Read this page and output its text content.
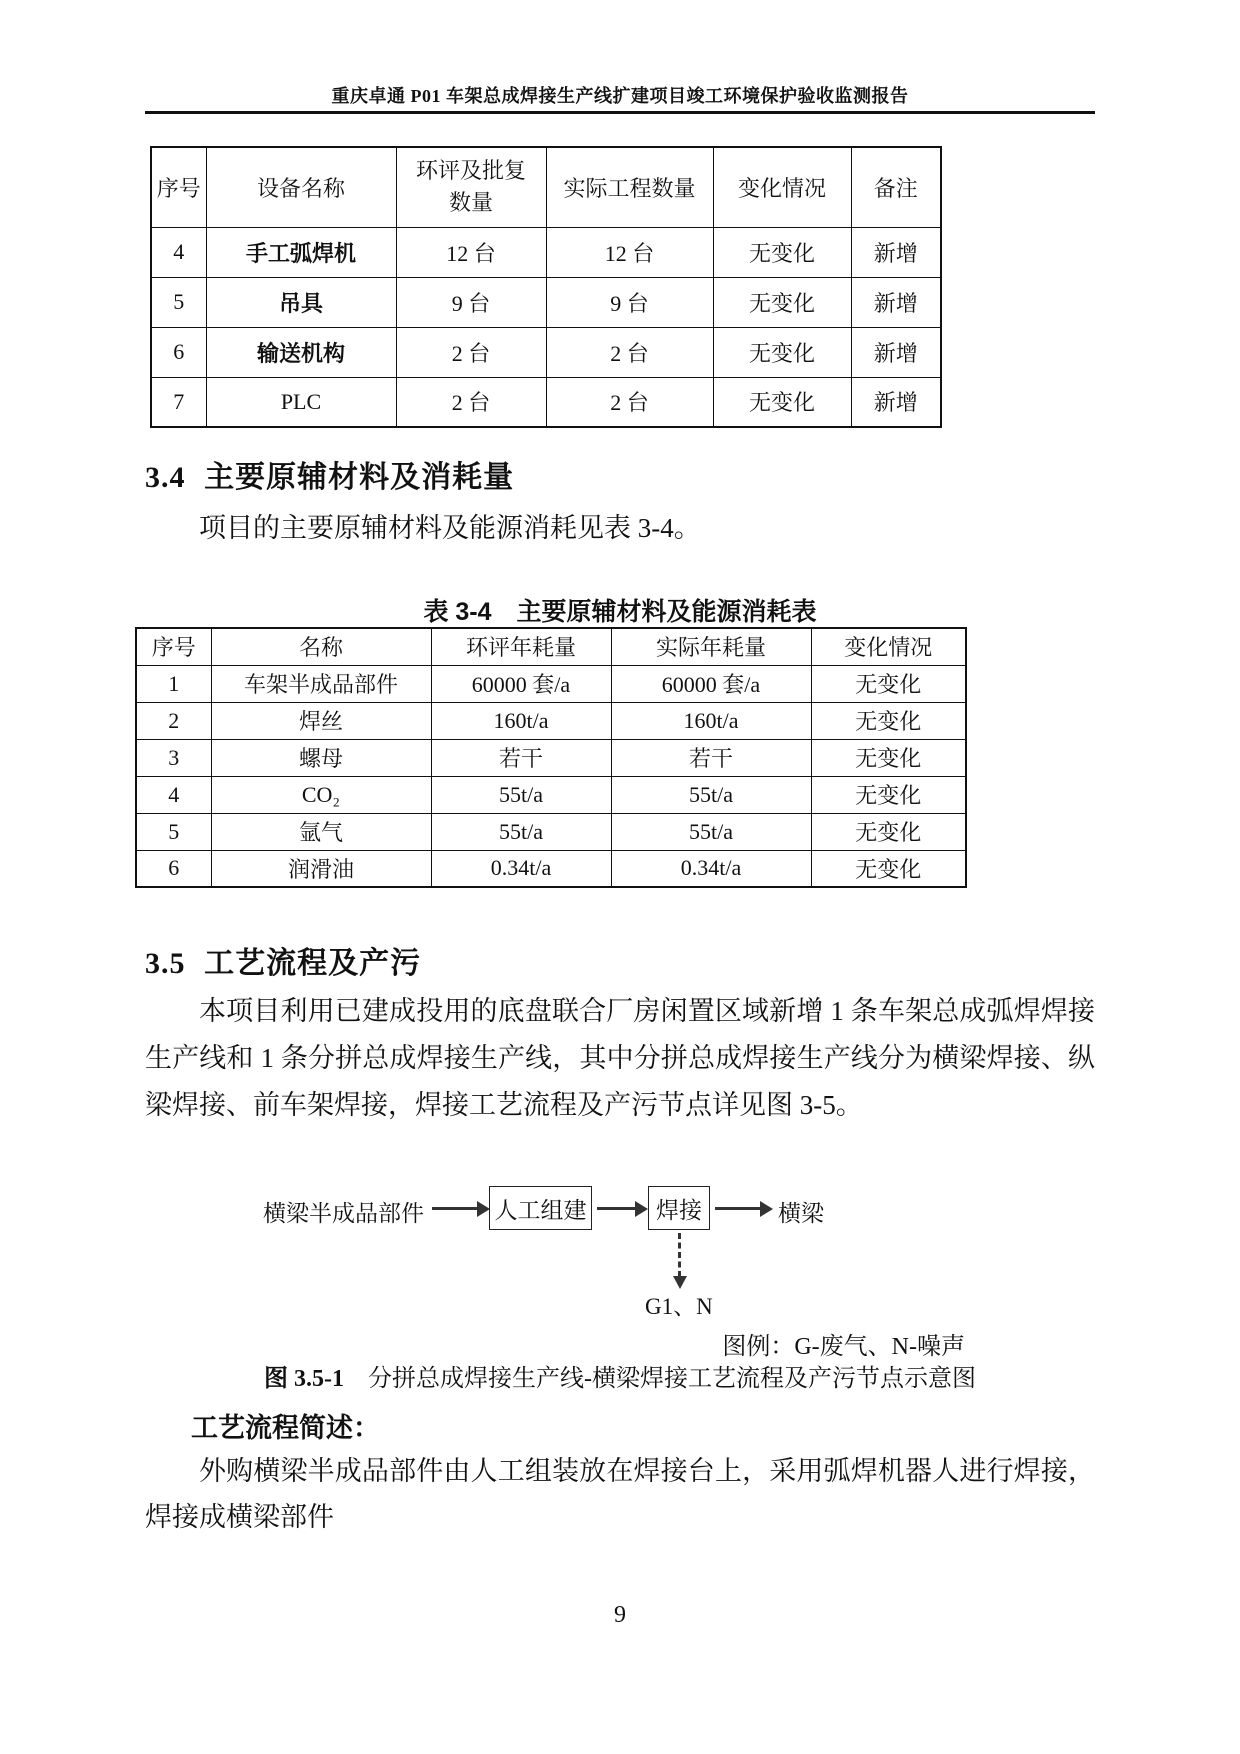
重庆卓通 P01 车架总成焊接生产线扩建项目竣工环境保护验收监测报告
序号	设备名称	环评及批复数量	实际工程数量	变化情况	备注
4	手工弧焊机	12 台	12 台	无变化	新增
5	吊具	9 台	9 台	无变化	新增
6	输送机构	2 台	2 台	无变化	新增
7	PLC	2 台	2 台	无变化	新增
3.4 主要原辅材料及消耗量
项目的主要原辅材料及能源消耗见表 3-4。
表 3-4　主要原辅材料及能源消耗表
序号	名称	环评年耗量	实际年耗量	变化情况
1	车架半成品部件	60000 套/a	60000 套/a	无变化
2	焊丝	160t/a	160t/a	无变化
3	螺母	若干	若干	无变化
4	CO₂	55t/a	55t/a	无变化
5	氩气	55t/a	55t/a	无变化
6	润滑油	0.34t/a	0.34t/a	无变化
3.5 工艺流程及产污
本项目利用已建成投用的底盘联合厂房闲置区域新增 1 条车架总成弧焊焊接生产线和 1 条分拼总成焊接生产线，其中分拼总成焊接生产线分为横梁焊接、纵梁焊接、前车架焊接，焊接工艺流程及产污节点详见图 3-5。
横梁半成品部件	人工组建	焊接	横梁
G1、N
图例：G-废气、N-噪声
图 3.5-1　分拼总成焊接生产线-横梁焊接工艺流程及产污节点示意图
工艺流程简述：
外购横梁半成品部件由人工组装放在焊接台上，采用弧焊机器人进行焊接，焊接成横梁部件
9
